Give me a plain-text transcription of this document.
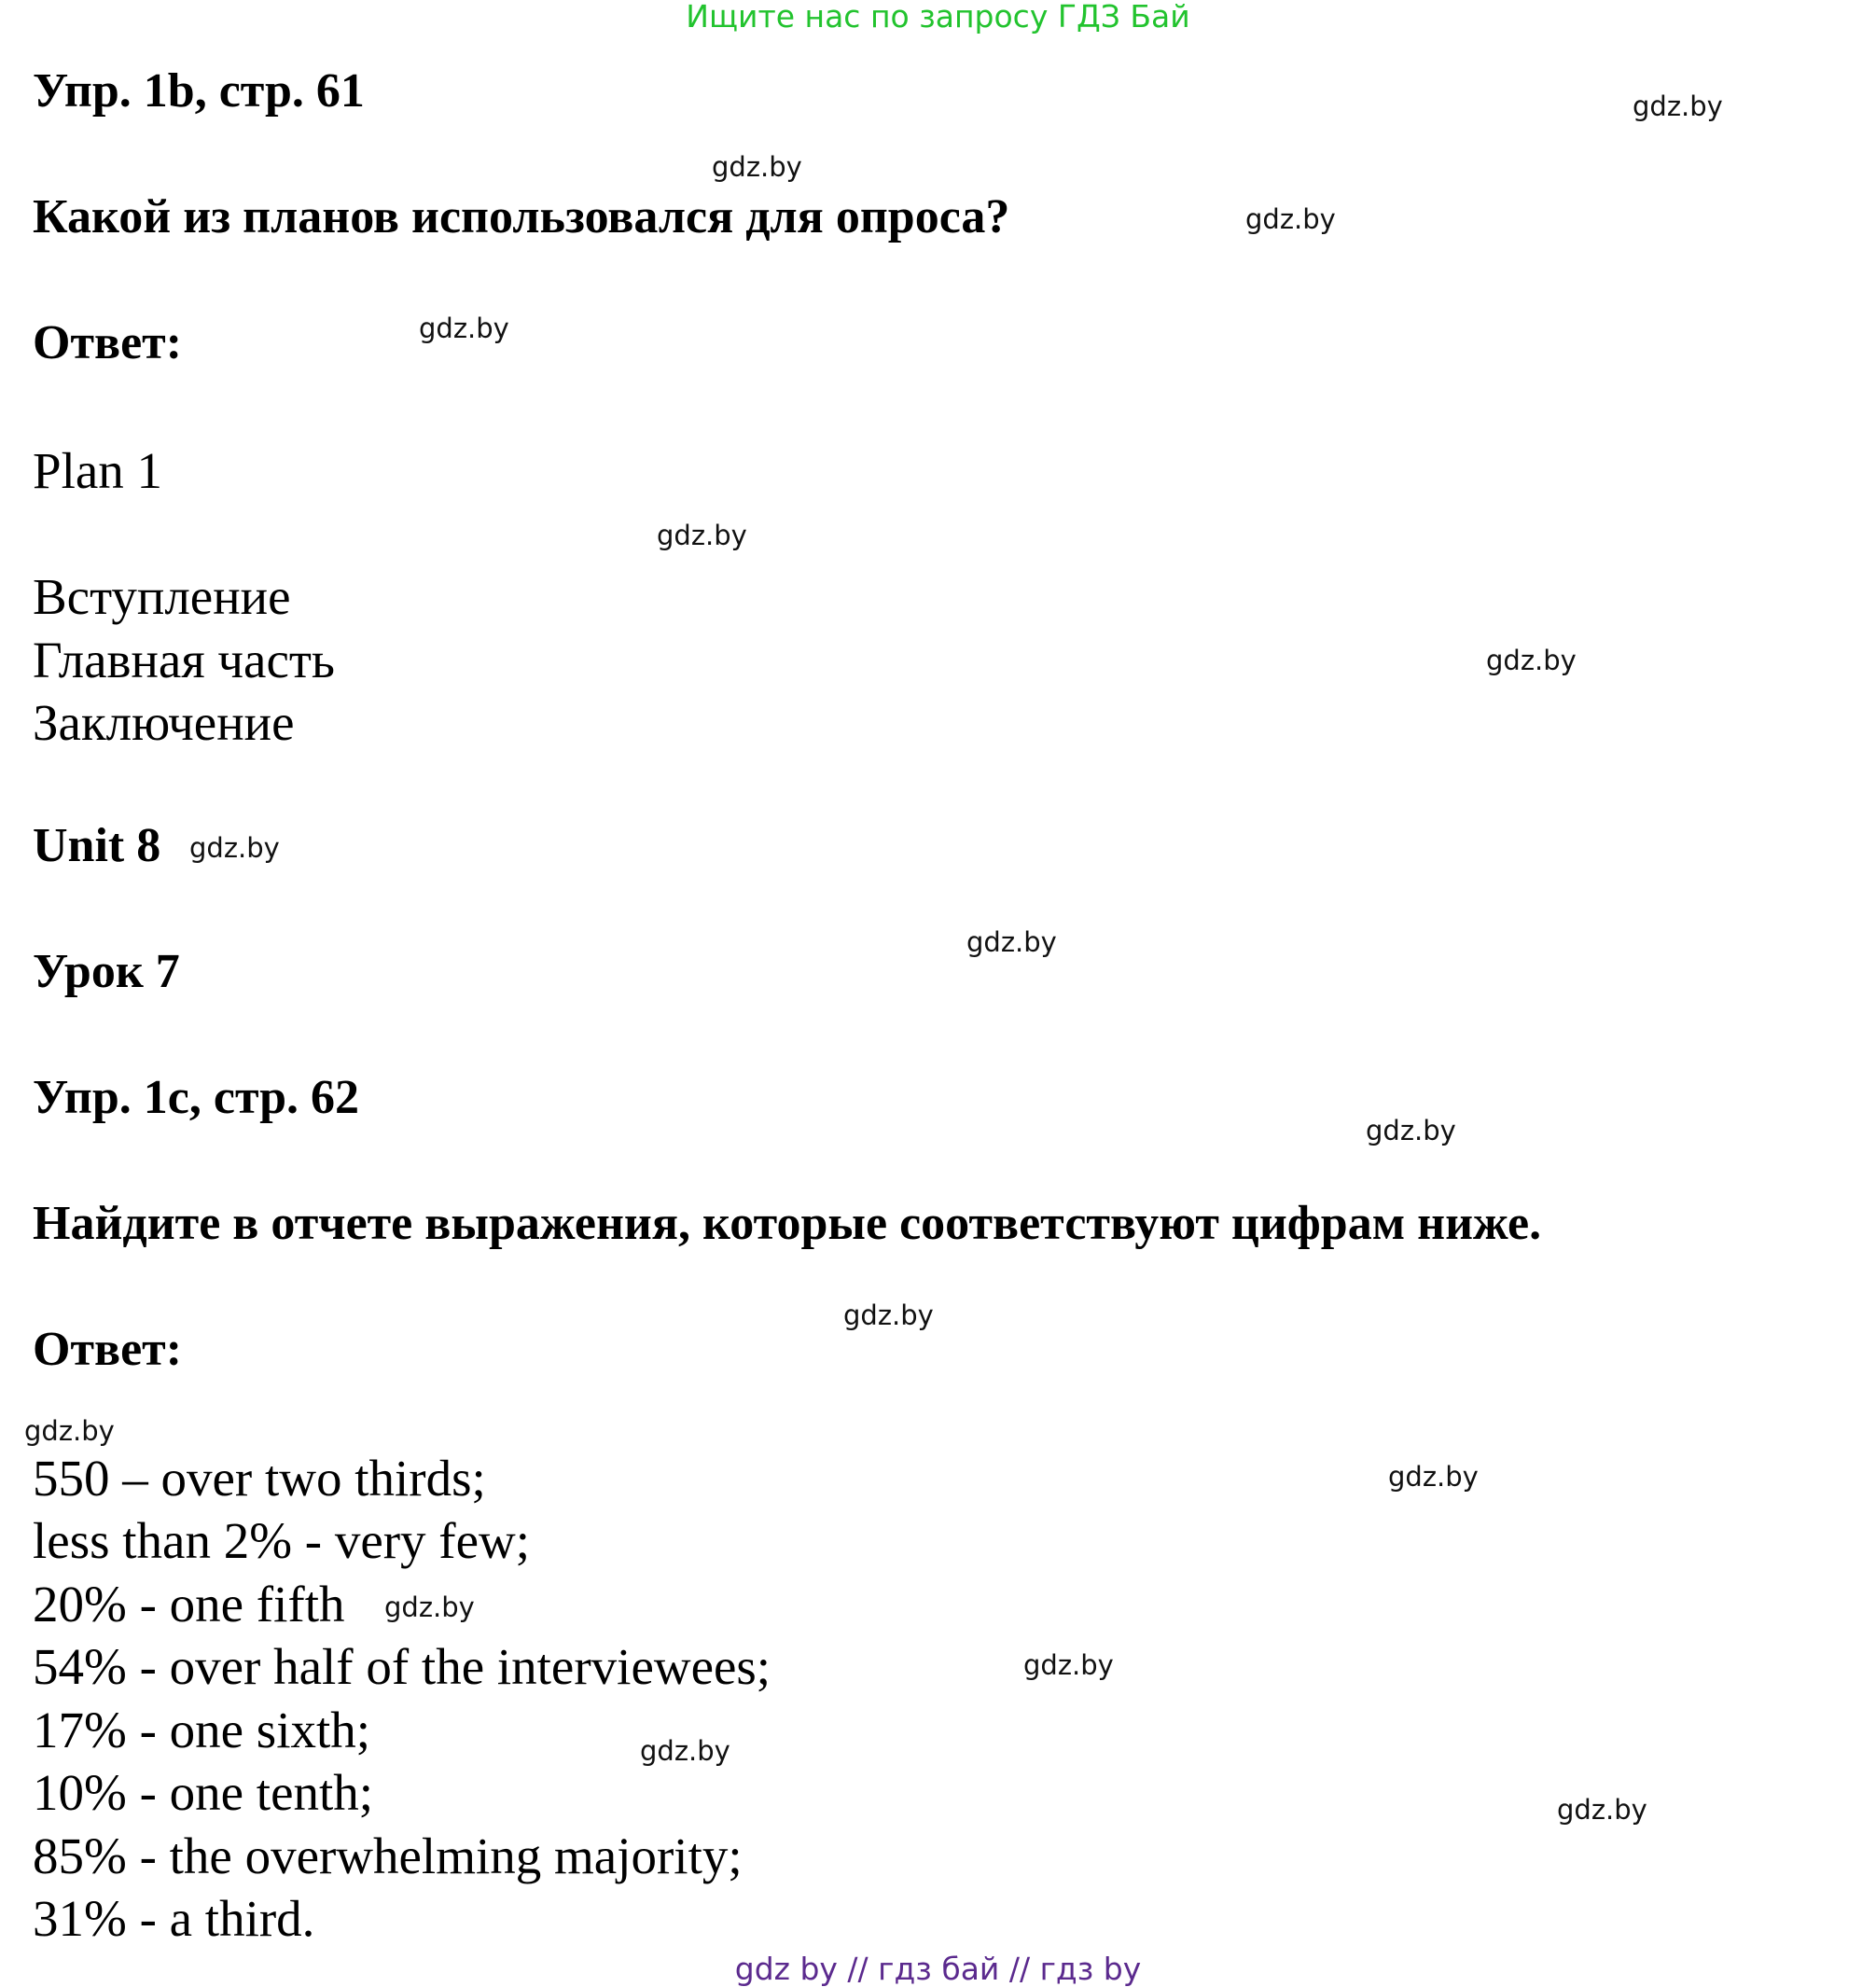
Ищите нас по запросу ГДЗ Бай
Упр. 1b, стр. 61
Какой из планов использовался для опроса?
Ответ:
Plan 1
Вступление
Главная часть
Заключение
Unit 8
Урок 7
Упр. 1c, стр. 62
Найдите в отчете выражения, которые соответствуют цифрам ниже.
Ответ:
550 – over two thirds;
less than 2% - very few;
20% - one fifth
54% - over half of the interviewees;
17% - one sixth;
10% - one tenth;
85% - the overwhelming majority;
31% - a third.
gdz.by
gdz.by
gdz.by
gdz.by
gdz.by
gdz.by
gdz.by
gdz.by
gdz.by
gdz.by
gdz.by
gdz.by
gdz.by
gdz.by
gdz.by
gdz.by
gdz by // гдз бай // гдз by
